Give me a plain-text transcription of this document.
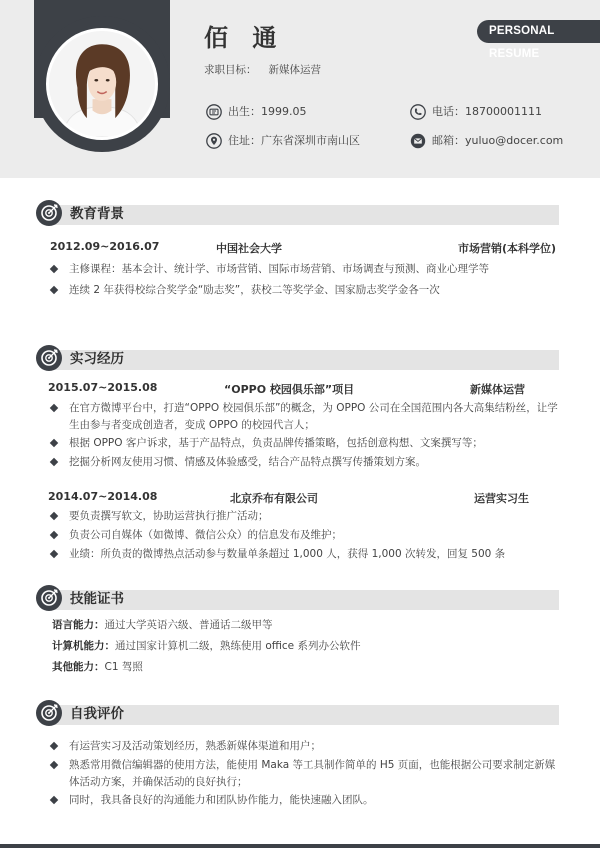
佰 通
求职目标： 新媒体运营
PERSONAL RESUME
出生：1999.05	电话：18700001111
住址：广东省深圳市南山区	邮箱：yuluo@docer.com
教育背景
2012.09~2016.07	中国社会大学	市场营销(本科学位)
主修课程：基本会计、统计学、市场营销、国际市场营销、市场调查与预测、商业心理学等
连续 2 年获得校综合奖学金“励志奖”，获校二等奖学金、国家励志奖学金各一次
实习经历
2015.07~2015.08	“OPPO 校园俱乐部”项目	新媒体运营
在官方微博平台中，打造“OPPO 校园俱乐部”的概念，为 OPPO 公司在全国范围内各大高集结粉丝，让学生由参与者变成创造者，变成 OPPO 的校园代言人；
根据 OPPO 客户诉求，基于产品特点，负责品牌传播策略，包括创意构想、文案撰写等；
挖掘分析网友使用习惯、情感及体验感受，结合产品特点撰写传播策划方案。
2014.07~2014.08	北京乔布有限公司	运营实习生
要负责撰写软文，协助运营执行推广活动；
负责公司自媒体（如微博、微信公众）的信息发布及维护；
业绩：所负责的微博热点活动参与数量单条超过 1,000 人，获得 1,000 次转发，回复 500 条
技能证书
语言能力：通过大学英语六级、普通话二级甲等
计算机能力：通过国家计算机二级，熟练使用 office 系列办公软件
其他能力：C1 驾照
自我评价
有运营实习及活动策划经历，熟悉新媒体渠道和用户；
熟悉常用微信编辑器的使用方法，能使用 Maka 等工具制作简单的 H5 页面，也能根据公司要求制定新媒体活动方案，并确保活动的良好执行；
同时，我具备良好的沟通能力和团队协作能力，能快速融入团队。
